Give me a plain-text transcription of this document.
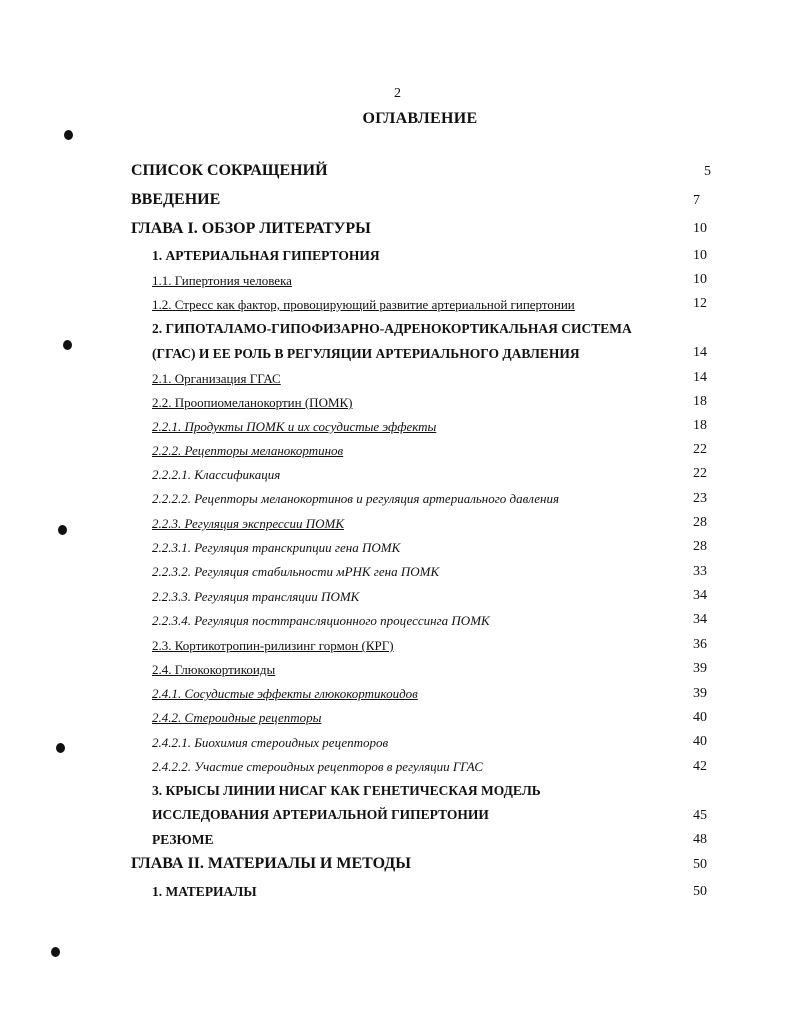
2
ОГЛАВЛЕНИЕ
СПИСОК СОКРАЩЕНИЙ	5
ВВЕДЕНИЕ	7
ГЛАВА I. ОБЗОР ЛИТЕРАТУРЫ	10
1. АРТЕРИАЛЬНАЯ ГИПЕРТОНИЯ	10
1.1. Гипертония человека	10
1.2. Стресс как фактор, провоцирующий развитие артериальной гипертонии	12
2. ГИПОТАЛАМО-ГИПОФИЗАРНО-АДРЕНОКОРТИКАЛЬНАЯ СИСТЕМА
(ГГАС) И ЕЕ РОЛЬ В РЕГУЛЯЦИИ АРТЕРИАЛЬНОГО ДАВЛЕНИЯ	14
2.1. Организация ГГАС	14
2.2. Проопиомеланокортин (ПОМК)	18
2.2.1. Продукты ПОМК и их сосудистые эффекты	18
2.2.2. Рецепторы меланокортинов	22
2.2.2.1. Классификация	22
2.2.2.2. Рецепторы меланокортинов и регуляция артериального давления	23
2.2.3. Регуляция экспрессии ПОМК	28
2.2.3.1. Регуляция транскрипции гена ПОМК	28
2.2.3.2. Регуляция стабильности мРНК гена ПОМК	33
2.2.3.3. Регуляция трансляции ПОМК	34
2.2.3.4. Регуляция посттрансляционного процессинга ПОМК	34
2.3. Кортикотропин-рилизинг гормон (КРГ)	36
2.4. Глюкокортикоиды	39
2.4.1. Сосудистые эффекты глюкокортикоидов	39
2.4.2. Стероидные рецепторы	40
2.4.2.1. Биохимия стероидных рецепторов	40
2.4.2.2. Участие стероидных рецепторов в регуляции ГГАС	42
3. КРЫСЫ ЛИНИИ НИСАГ КАК ГЕНЕТИЧЕСКАЯ МОДЕЛЬ
ИССЛЕДОВАНИЯ АРТЕРИАЛЬНОЙ ГИПЕРТОНИИ	45
РЕЗЮМЕ	48
ГЛАВА II. МАТЕРИАЛЫ И МЕТОДЫ	50
1. МАТЕРИАЛЫ	50
